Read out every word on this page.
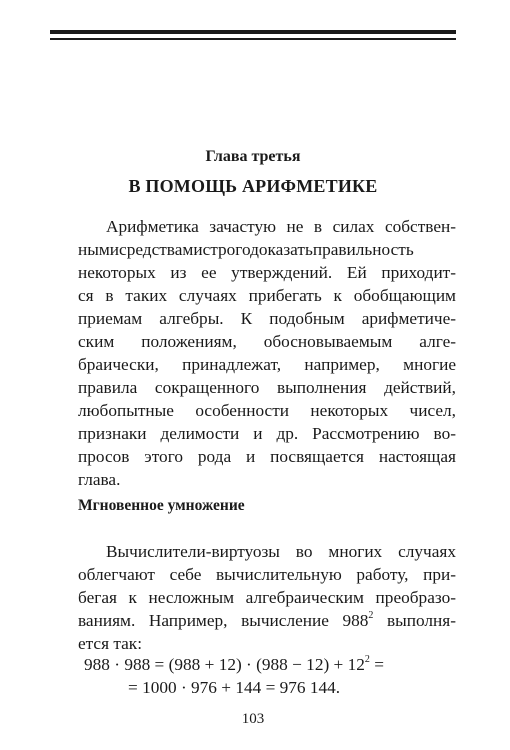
Глава третья
В ПОМОЩЬ АРИФМЕТИКЕ
Арифметика зачастую не в силах собствен-
нымисредствамистрогодоказатьправильность
некоторых из ее утверждений. Ей приходит-
ся в таких случаях прибегать к обобщающим
приемам алгебры. К подобным арифметиче-
ским положениям, обосновываемым алге-
браически, принадлежат, например, многие
правила сокращенного выполнения действий,
любопытные особенности некоторых чисел,
признаки делимости и др. Рассмотрению во-
просов этого рода и посвящается настоящая
глава.
Мгновенное умножение
Вычислители-виртуозы во многих случаях
облегчают себе вычислительную работу, при-
бегая к несложным алгебраическим преобразо-
ваниям. Например, вычисление $988^2$ выполня-
ется так:
$988 \cdot 988 = (988 + 12) \cdot (988 - 12) + 12^2$ =
= 1000 · 976 + 144 = 976 144.
103
